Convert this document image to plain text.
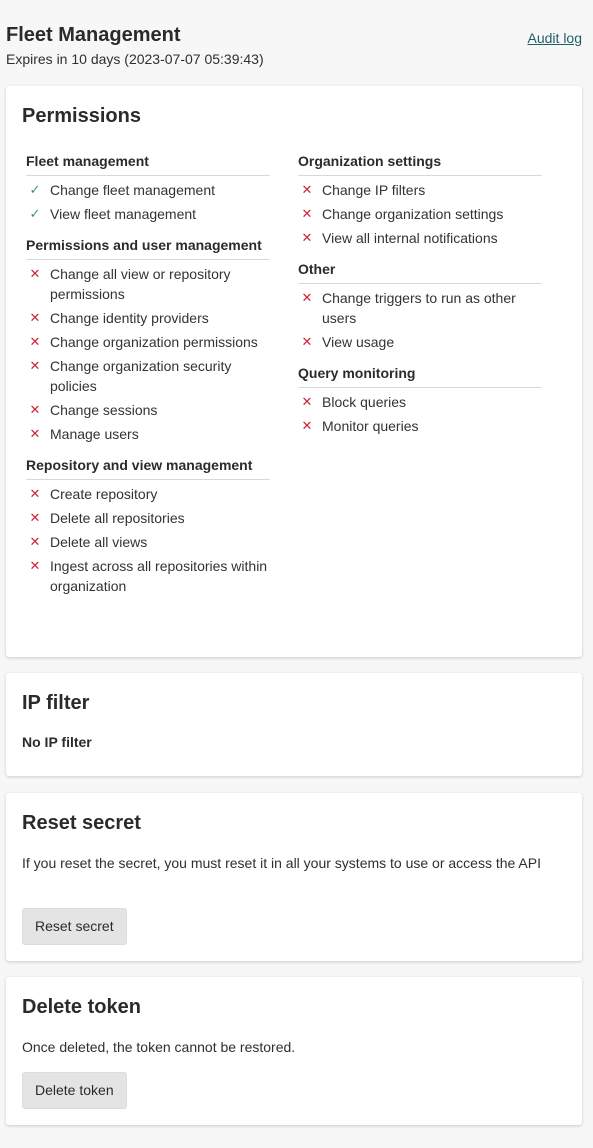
Fleet Management
Expires in 10 days (2023-07-07 05:39:43)
Audit log
Permissions
Fleet management
✓ Change fleet management
✓ View fleet management
Permissions and user management
✕ Change all view or repository permissions
✕ Change identity providers
✕ Change organization permissions
✕ Change organization security policies
✕ Change sessions
✕ Manage users
Repository and view management
✕ Create repository
✕ Delete all repositories
✕ Delete all views
✕ Ingest across all repositories within organization
Organization settings
✕ Change IP filters
✕ Change organization settings
✕ View all internal notifications
Other
✕ Change triggers to run as other users
✕ View usage
Query monitoring
✕ Block queries
✕ Monitor queries
IP filter
No IP filter
Reset secret
If you reset the secret, you must reset it in all your systems to use or access the API
Reset secret
Delete token
Once deleted, the token cannot be restored.
Delete token
